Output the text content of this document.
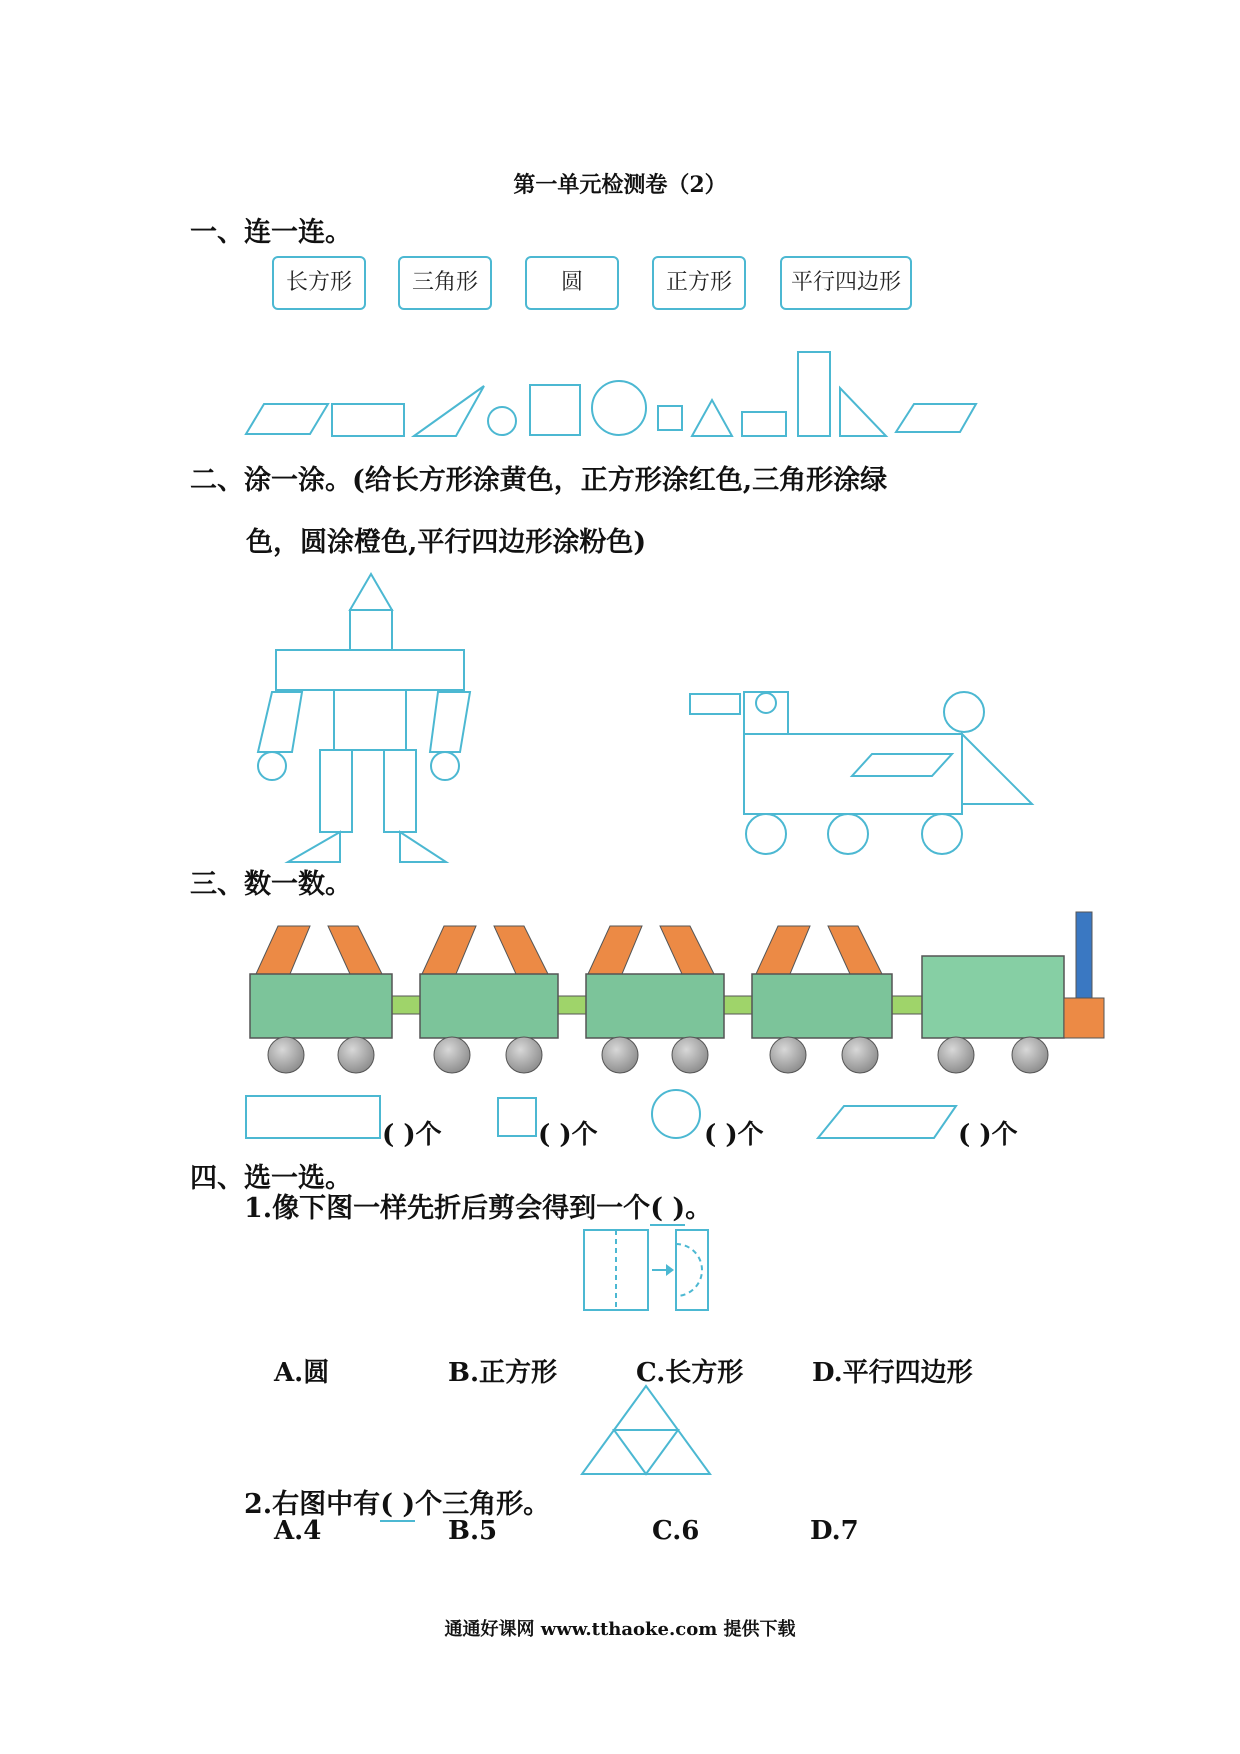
第一单元检测卷（2）
一、连一连。
长方形	三角形	圆	正方形	平行四边形
二、涂一涂。(给长方形涂黄色，正方形涂红色,三角形涂绿
色，圆涂橙色,平行四边形涂粉色)
三、数一数。
( )个	( )个	( )个	( )个
四、选一选。
1.像下图一样先折后剪会得到一个( )。
A.圆	B.正方形	C.长方形	D.平行四边形
2.右图中有( )个三角形。
A.4	B.5	C.6	D.7
通通好课网 www.tthaoke.com 提供下载
